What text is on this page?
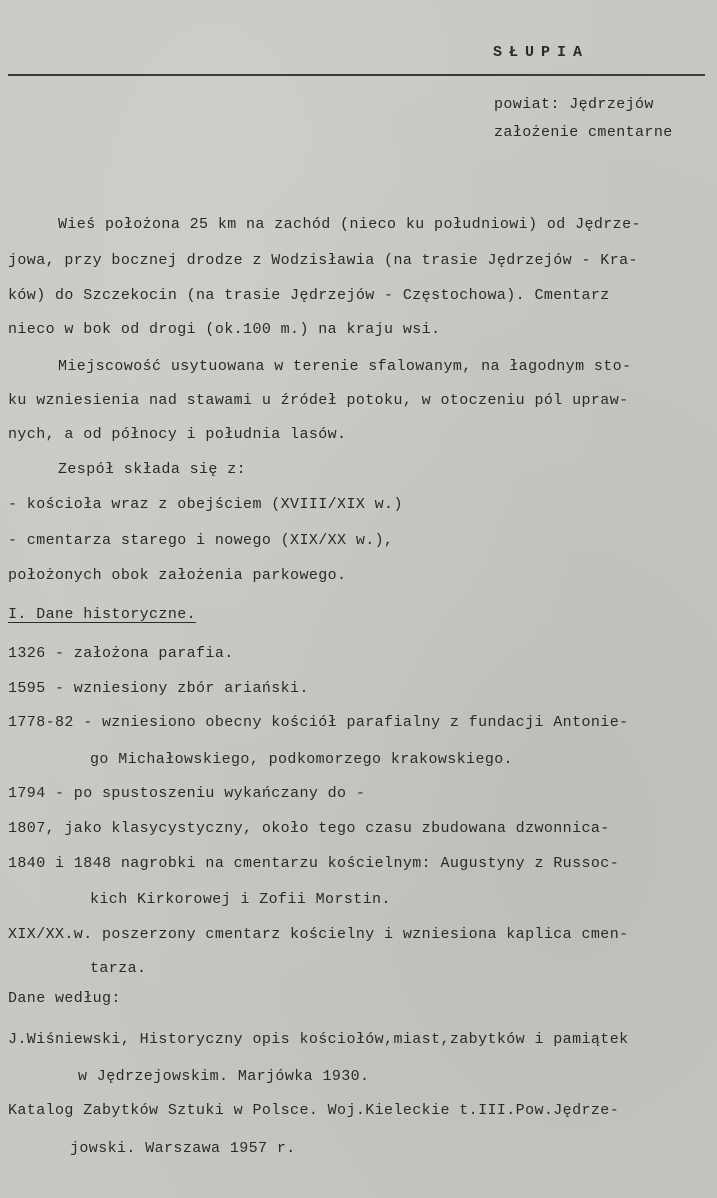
SŁUPIA
powiat: Jędrzejów
założenie cmentarne
Wieś położona 25 km na zachód (nieco ku południowi) od Jędrze-
jowa, przy bocznej drodze z Wodzisławia (na trasie Jędrzejów - Kra-
ków) do Szczekocin (na trasie Jędrzejów - Częstochowa). Cmentarz
nieco w bok od drogi (ok.100 m.) na kraju wsi.
Miejscowość usytuowana w terenie sfalowanym, na łagodnym sto-
ku wzniesienia nad stawami u źródeł potoku, w otoczeniu pól upraw-
nych, a od północy i południa lasów.
Zespół składa się z:
- kościoła wraz z obejściem (XVIII/XIX w.)
- cmentarza starego i nowego (XIX/XX w.),
położonych obok założenia parkowego.
I. Dane historyczne.
1326 - założona parafia.
1595 - wzniesiony zbór ariański.
1778-82 - wzniesiono obecny kościół parafialny z fundacji Antonie-
go Michałowskiego, podkomorzego krakowskiego.
1794 - po spustoszeniu wykańczany do -
1807, jako klasycystyczny, około tego czasu zbudowana dzwonnica-
1840 i 1848 nagrobki na cmentarzu kościelnym: Augustyny z Russoc-
kich Kirkorowej i Zofii Morstin.
XIX/XX.w. poszerzony cmentarz kościelny i wzniesiona kaplica cmen-
tarza.
Dane według:
J.Wiśniewski, Historyczny opis kościołów,miast,zabytków i pamiątek
w Jędrzejowskim. Marjówka 1930.
Katalog Zabytków Sztuki w Polsce. Woj.Kieleckie t.III.Pow.Jędrze-
jowski. Warszawa 1957 r.
